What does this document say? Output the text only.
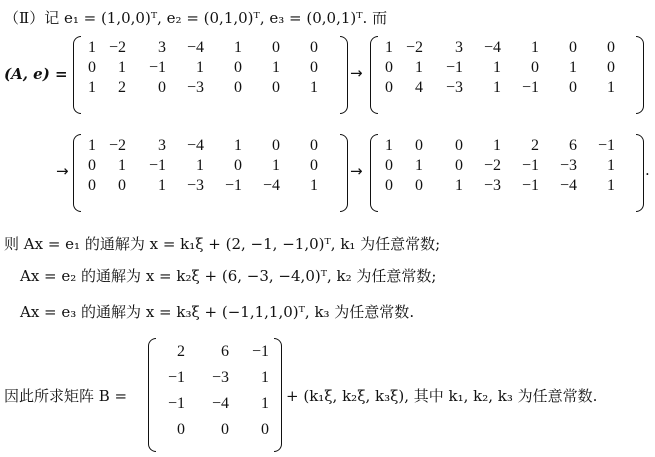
（Ⅱ）记 e₁ = (1,0,0)ᵀ, e₂ = (0,1,0)ᵀ, e₃ = (0,0,1)ᵀ. 而
(A, e) =
1 −2	3	−4	1	0	0
0	1	−1	1	0	1	0
1	2	0	−3	0	0	1
→
1 −2	3	−4	1	0	0
0	1	−1	1	0	1	0
0	4	−3	1	−1	0	1
→
1 −2	3	−4	1	0	0
0	1	−1	1	0	1	0
0	0	1	−3	−1	−4	1
→
1	0	0	1	2	6	−1
0	1	0	−2	−1	−3	1
0	0	1	−3	−1	−4	1
.
则 Ax = e₁ 的通解为 x = k₁ξ + (2, −1, −1,0)ᵀ, k₁ 为任意常数;
Ax = e₂ 的通解为 x = k₂ξ + (6, −3, −4,0)ᵀ, k₂ 为任意常数;
Ax = e₃ 的通解为 x = k₃ξ + (−1,1,1,0)ᵀ, k₃ 为任意常数.
因此所求矩阵 B =
2	6	−1
−1	−3	1
−1	−4	1
0	0	0
+ (k₁ξ, k₂ξ, k₃ξ), 其中 k₁, k₂, k₃ 为任意常数.
